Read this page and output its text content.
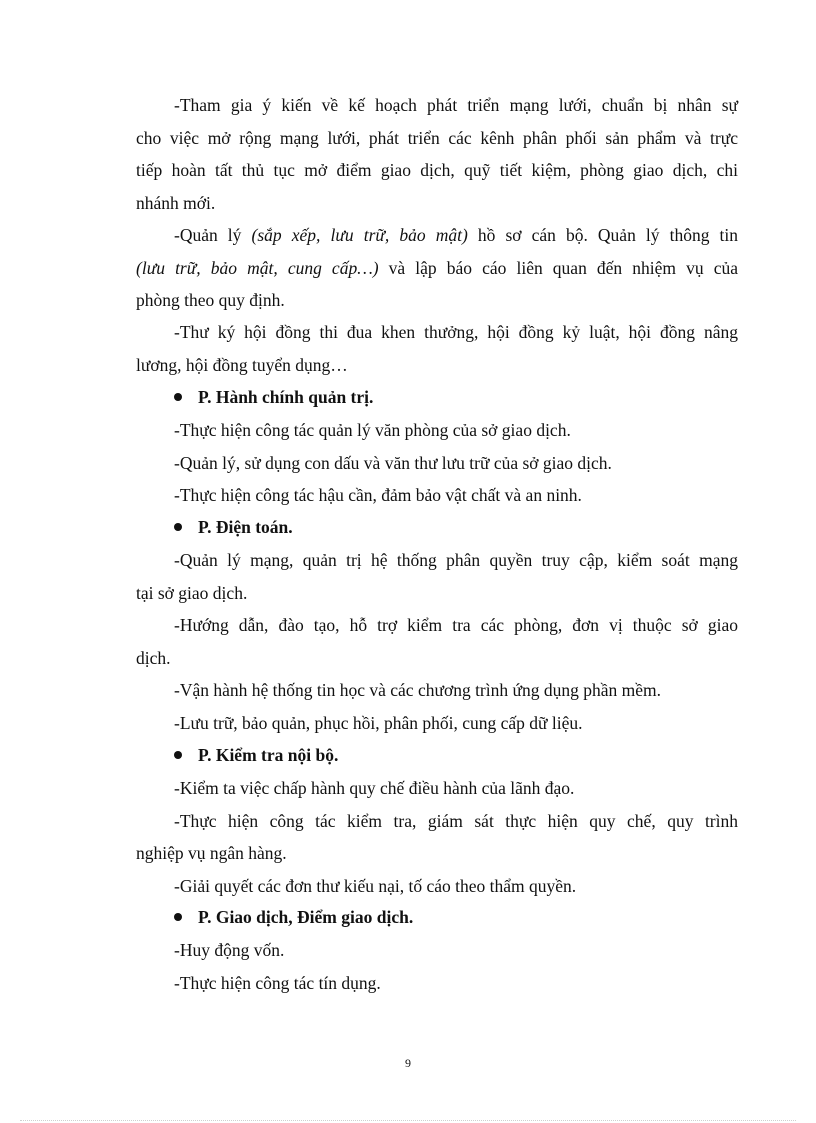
-Tham gia ý kiến về kế hoạch phát triển mạng lưới, chuẩn bị nhân sự
cho việc mở rộng mạng lưới, phát triển các kênh phân phối sản phẩm và trực
tiếp hoàn tất thủ tục mở điểm giao dịch, quỹ tiết kiệm, phòng giao dịch, chi
nhánh mới.
-Quản lý (sắp xếp, lưu trữ, bảo mật) hồ sơ cán bộ. Quản lý thông tin
(lưu trữ, bảo mật, cung cấp…) và lập báo cáo liên quan đến nhiệm vụ của
phòng theo quy định.
-Thư ký hội đồng thi đua khen thưởng, hội đồng kỷ luật, hội đồng nâng
lương, hội đồng tuyển dụng…
P. Hành chính quản trị.
-Thực hiện công tác quản lý văn phòng của sở giao dịch.
-Quản lý, sử dụng con dấu và văn thư lưu trữ của sở giao dịch.
-Thực hiện công tác hậu cần, đảm bảo vật chất và an ninh.
P. Điện toán.
-Quản lý mạng, quản trị hệ thống phân quyền truy cập, kiểm soát mạng
tại sở giao dịch.
-Hướng dẫn, đào tạo, hỗ trợ kiểm tra các phòng, đơn vị thuộc sở giao
dịch.
-Vận hành hệ thống tin học và các chương trình ứng dụng phần mềm.
-Lưu trữ, bảo quản, phục hồi, phân phối, cung cấp dữ liệu.
P. Kiểm tra nội bộ.
-Kiểm ta việc chấp hành quy chế điều hành của lãnh đạo.
-Thực hiện công tác kiểm tra, giám sát thực hiện quy chế, quy trình
nghiệp vụ ngân hàng.
-Giải quyết các đơn thư kiếu nại, tố cáo theo thẩm quyền.
P. Giao dịch, Điểm giao dịch.
-Huy động vốn.
-Thực hiện công tác tín dụng.
9
